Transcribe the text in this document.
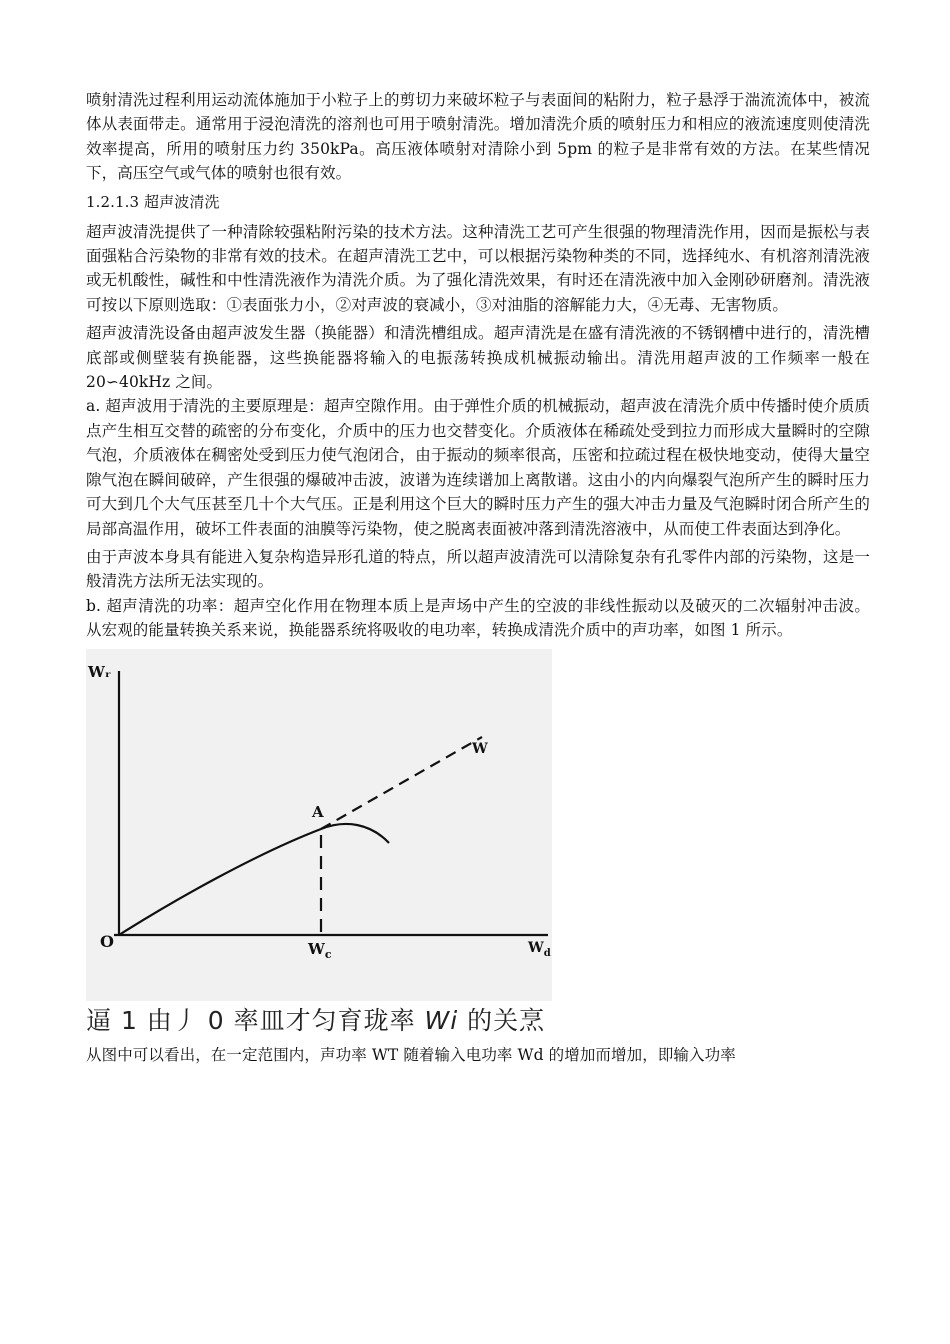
喷射清洗过程利用运动流体施加于小粒子上的剪切力来破坏粒子与表面间的粘附力，粒子悬浮于湍流流体中，被流体从表面带走。通常用于浸泡清洗的溶剂也可用于喷射清洗。增加清洗介质的喷射压力和相应的液流速度则使清洗效率提高，所用的喷射压力约 350kPa。高压液体喷射对清除小到 5pm 的粒子是非常有效的方法。在某些情况下，高压空气或气体的喷射也很有效。

1.2.1.3 超声波清洗

超声波清洗提供了一种清除较强粘附污染的技术方法。这种清洗工艺可产生很强的物理清洗作用，因而是振松与表面强粘合污染物的非常有效的技术。在超声清洗工艺中，可以根据污染物种类的不同，选择纯水、有机溶剂清洗液或无机酸性，碱性和中性清洗液作为清洗介质。为了强化清洗效果，有时还在清洗液中加入金刚砂研磨剂。清洗液可按以下原则选取：①表面张力小，②对声波的衰减小，③对油脂的溶解能力大，④无毒、无害物质。

超声波清洗设备由超声波发生器（换能器）和清洗槽组成。超声清洗是在盛有清洗液的不锈钢槽中进行的，清洗槽底部或侧壁装有换能器，这些换能器将输入的电振荡转换成机械振动输出。清洗用超声波的工作频率一般在 20∽40kHz 之间。

a. 超声波用于清洗的主要原理是：超声空隙作用。由于弹性介质的机械振动，超声波在清洗介质中传播时使介质质点产生相互交替的疏密的分布变化，介质中的压力也交替变化。介质液体在稀疏处受到拉力而形成大量瞬时的空隙气泡，介质液体在稠密处受到压力使气泡闭合，由于振动的频率很高，压密和拉疏过程在极快地变动，使得大量空隙气泡在瞬间破碎，产生很强的爆破冲击波，波谱为连续谱加上离散谱。这由小的内向爆裂气泡所产生的瞬时压力可大到几个大气压甚至几十个大气压。正是利用这个巨大的瞬时压力产生的强大冲击力量及气泡瞬时闭合所产生的局部高温作用，破坏工件表面的油膜等污染物，使之脱离表面被冲落到清洗溶液中，从而使工件表面达到净化。

由于声波本身具有能进入复杂构造异形孔道的特点，所以超声波清洗可以清除复杂有孔零件内部的污染物，这是一般清洗方法所无法实现的。

b. 超声清洗的功率：超声空化作用在物理本质上是声场中产生的空波的非线性振动以及破灭的二次辐射冲击波。从宏观的能量转换关系来说，换能器系统将吸收的电功率，转换成清洗介质中的声功率，如图 1 所示。

Wᵣ
O
A
W
$W_c$	$W_d$
逼 1 由丿 0 率皿才匀育珑率 Wi 的关烹

从图中可以看出，在一定范围内，声功率 WT 随着输入电功率 Wd 的增加而增加，即输入功率
